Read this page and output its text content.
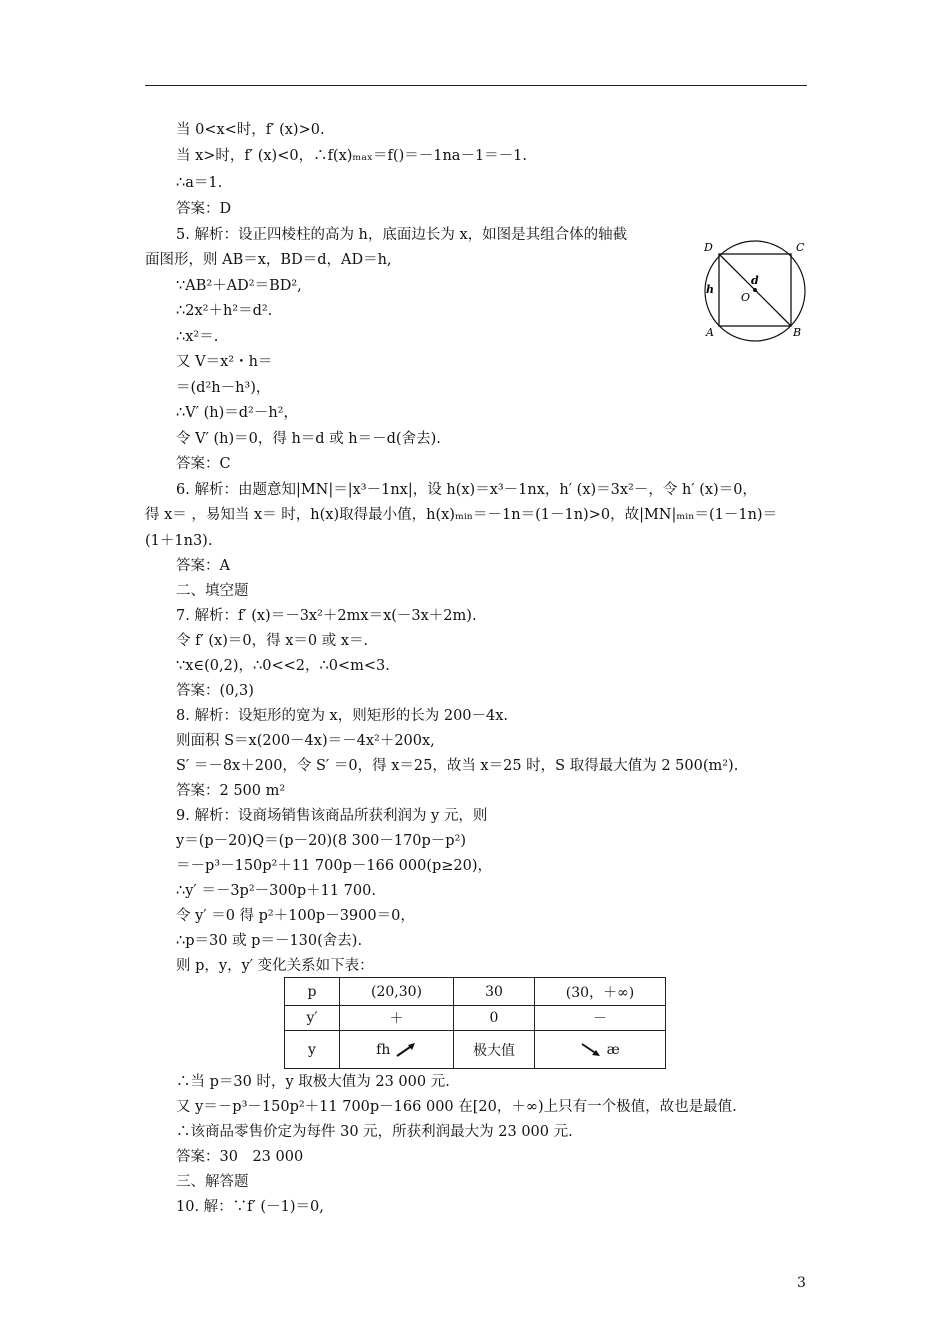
当 0<x<时，f′ (x)>0.
当 x>时，f′ (x)<0，∴f(x)ₘₐₓ＝f()＝－1na－1＝－1.
∴a＝1.
答案：D
5. 解析：设正四棱柱的高为 h，底面边长为 x，如图是其组合体的轴截
面图形，则 AB＝x，BD＝d，AD＝h,
∵AB²＋AD²＝BD²,
∴2x²＋h²＝d².
∴x²＝.
又 V＝x²・h＝
＝(d²h－h³)，
∴V′ (h)＝d²－h²，
令 V′ (h)＝0，得 h＝d 或 h＝－d(舍去).
答案：C
6. 解析：由题意知|MN|＝|x³－1nx|，设 h(x)＝x³－1nx，h′ (x)＝3x²－，令 h′ (x)＝0，
得 x＝ ，易知当 x＝ 时，h(x)取得最小值，h(x)ₘᵢₙ＝－1n＝(1－1n)>0，故|MN|ₘᵢₙ＝(1－1n)＝
(1＋1n3).
答案：A
二、填空题
7. 解析：f′ (x)＝－3x²＋2mx＝x(－3x＋2m).
令 f′ (x)＝0，得 x＝0 或 x＝.
∵x∈(0,2)，∴0<<2，∴0<m<3.
答案：(0,3)
8. 解析：设矩形的宽为 x，则矩形的长为 200－4x.
则面积 S＝x(200－4x)＝－4x²＋200x,
S′ ＝－8x＋200，令 S′ ＝0，得 x＝25，故当 x＝25 时，S 取得最大值为 2 500(m²).
答案：2 500 m²
9. 解析：设商场销售该商品所获利润为 y 元，则
y＝(p－20)Q＝(p－20)(8 300－170p－p²)
＝－p³－150p²＋11 700p－166 000(p≥20)，
∴y′ ＝－3p²－300p＋11 700.
令 y′ ＝0 得 p²＋100p－3900＝0，
∴p＝30 或 p＝－130(舍去).
则 p，y，y′ 变化关系如下表：
p	(20,30)	30	(30，＋∞)
y′	＋	0	－
y	fh	极大值	æ
∴当 p＝30 时，y 取极大值为 23 000 元.
又 y＝－p³－150p²＋11 700p－166 000 在[20，＋∞)上只有一个极值，故也是最值.
∴该商品零售价定为每件 30 元，所获利润最大为 23 000 元.
答案：30　23 000
三、解答题
10. 解：∵f′ (－1)＝0,
D	C
A	B
h
d
O
3
